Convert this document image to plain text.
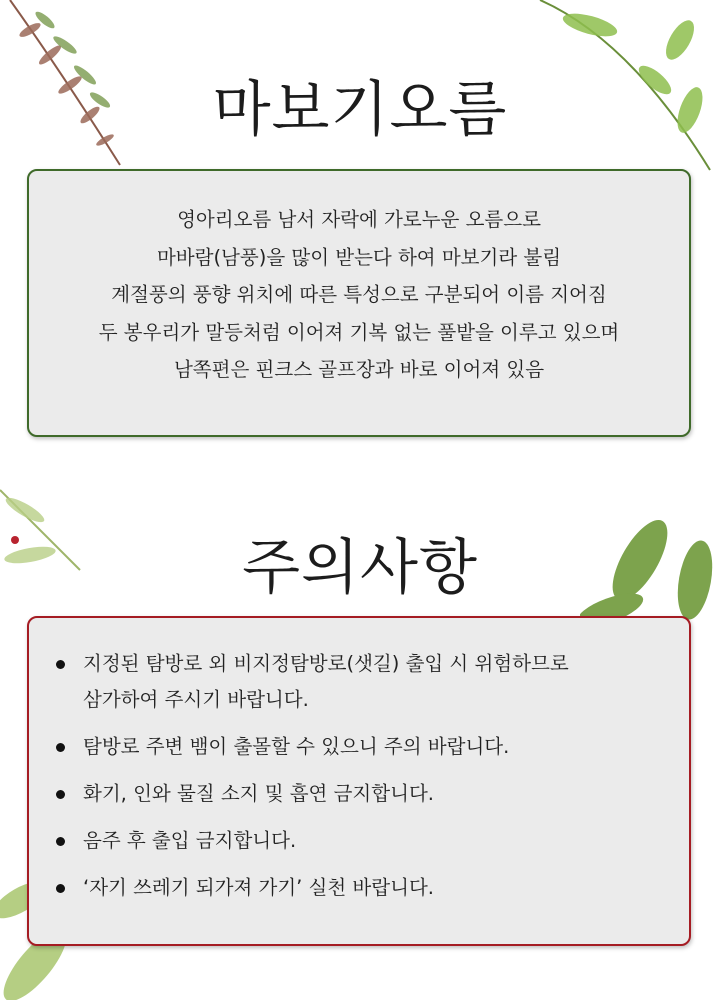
마보기오름
영아리오름 남서 자락에 가로누운 오름으로
마바람(남풍)을 많이 받는다 하여 마보기라 불림
계절풍의 풍향 위치에 따른 특성으로 구분되어 이름 지어짐
두 봉우리가 말등처럼 이어져 기복 없는 풀밭을 이루고 있으며
남쪽편은 핀크스 골프장과 바로 이어져 있음
주의사항
지정된 탐방로 외 비지정탐방로(샛길) 출입 시 위험하므로
삼가하여 주시기 바랍니다.
탐방로 주변 뱀이 출몰할 수 있으니 주의 바랍니다.
화기, 인와 물질 소지 및 흡연 금지합니다.
음주 후 출입 금지합니다.
‘자기 쓰레기 되가져 가기’ 실천 바랍니다.
